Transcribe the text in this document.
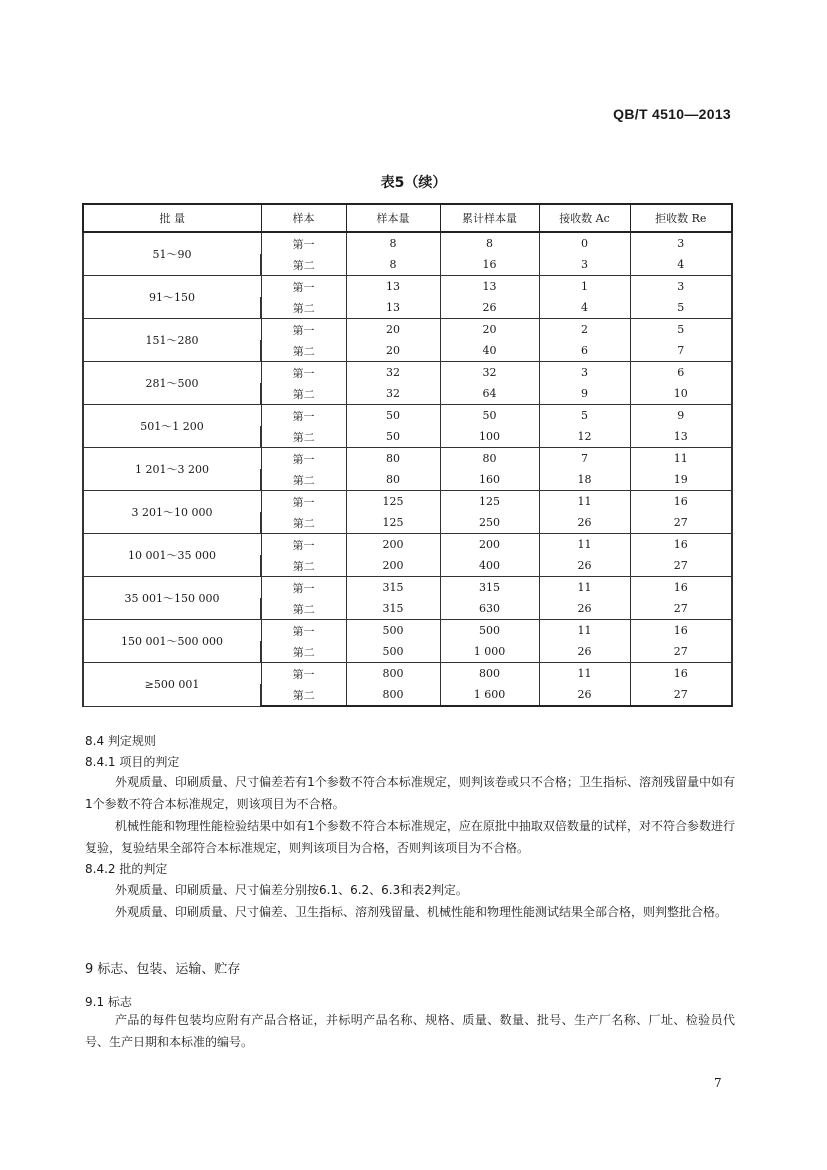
QB/T 4510—2013
表5（续）
批 量	样本	样本量	累计样本量	接收数 Ac	拒收数 Re
51～90	第一	8	8	0	3
	第二	8	16	3	4
91～150	第一	13	13	1	3
	第二	13	26	4	5
151～280	第一	20	20	2	5
	第二	20	40	6	7
281～500	第一	32	32	3	6
	第二	32	64	9	10
501～1 200	第一	50	50	5	9
	第二	50	100	12	13
1 201～3 200	第一	80	80	7	11
	第二	80	160	18	19
3 201～10 000	第一	125	125	11	16
	第二	125	250	26	27
10 001～35 000	第一	200	200	11	16
	第二	200	400	26	27
35 001～150 000	第一	315	315	11	16
	第二	315	630	26	27
150 001～500 000	第一	500	500	11	16
	第二	500	1 000	26	27
≥500 001	第一	800	800	11	16
	第二	800	1 600	26	27
8.4 判定规则
8.4.1 项目的判定
外观质量、印刷质量、尺寸偏差若有1个参数不符合本标准规定，则判该卷或只不合格；卫生指标、溶剂残留量中如有1个参数不符合本标准规定，则该项目为不合格。
机械性能和物理性能检验结果中如有1个参数不符合本标准规定，应在原批中抽取双倍数量的试样，对不符合参数进行复验，复验结果全部符合本标准规定，则判该项目为合格，否则判该项目为不合格。
8.4.2 批的判定
外观质量、印刷质量、尺寸偏差分别按6.1、6.2、6.3和表2判定。
外观质量、印刷质量、尺寸偏差、卫生指标、溶剂残留量、机械性能和物理性能测试结果全部合格，则判整批合格。
9 标志、包装、运输、贮存
9.1 标志
产品的每件包装均应附有产品合格证，并标明产品名称、规格、质量、数量、批号、生产厂名称、厂址、检验员代号、生产日期和本标准的编号。
7
